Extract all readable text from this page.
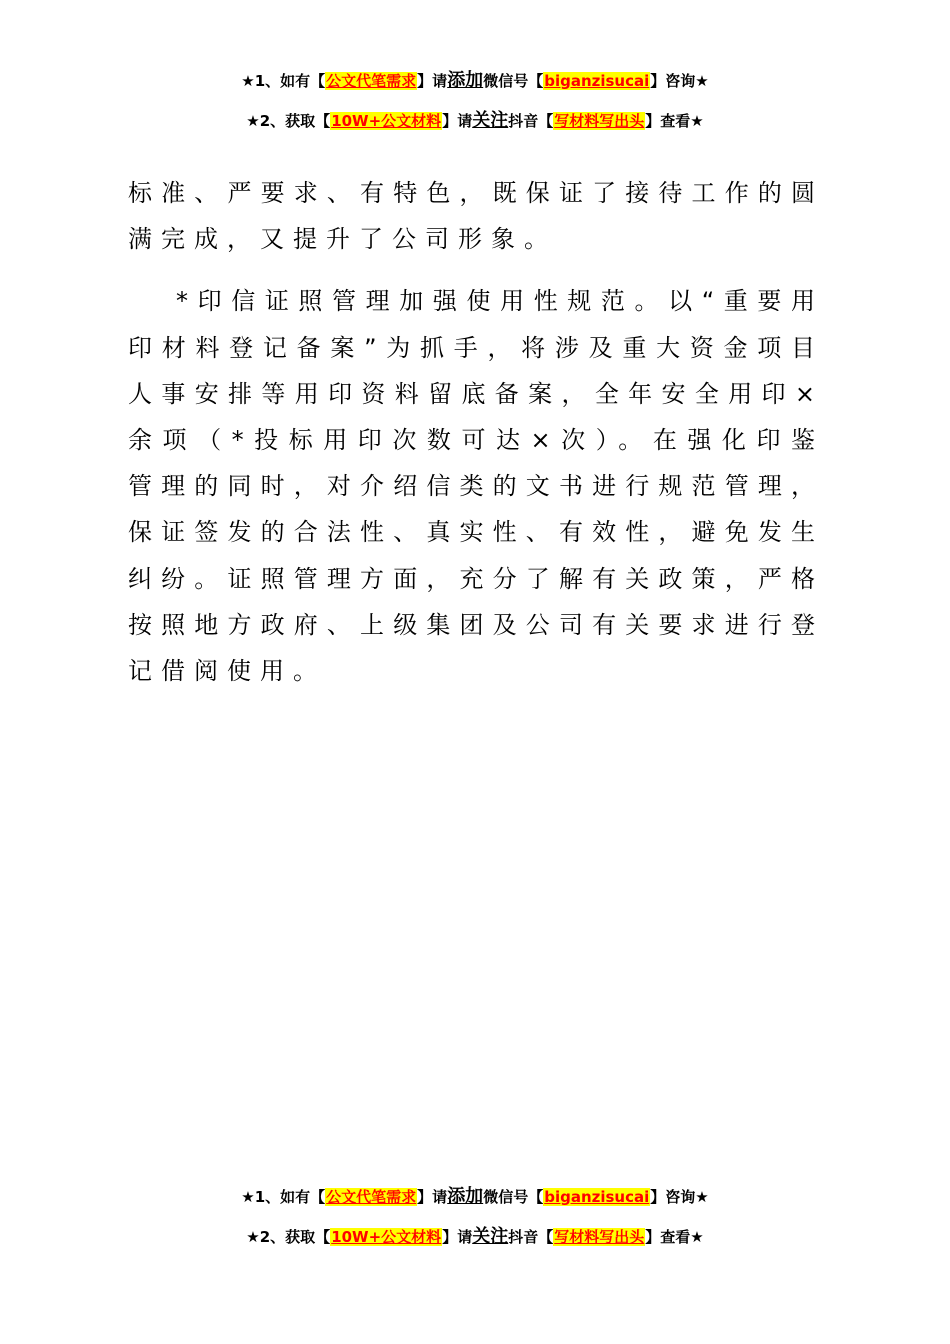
★1、如有【公文代笔需求】请添加微信号【biganzisucai】咨询★
★2、获取【10W+公文材料】请关注抖音【写材料写出头】查看★

标准、严要求、有特色，既保证了接待工作的圆满完成，又提升了公司形象。

*印信证照管理加强使用性规范。以“重要用印材料登记备案”为抓手，将涉及重大资金项目人事安排等用印资料留底备案，全年安全用印×余项（*投标用印次数可达×次）。在强化印鉴管理的同时，对介绍信类的文书进行规范管理，保证签发的合法性、真实性、有效性，避免发生纠纷。证照管理方面，充分了解有关政策，严格按照地方政府、上级集团及公司有关要求进行登记借阅使用。

★1、如有【公文代笔需求】请添加微信号【biganzisucai】咨询★
★2、获取【10W+公文材料】请关注抖音【写材料写出头】查看★
